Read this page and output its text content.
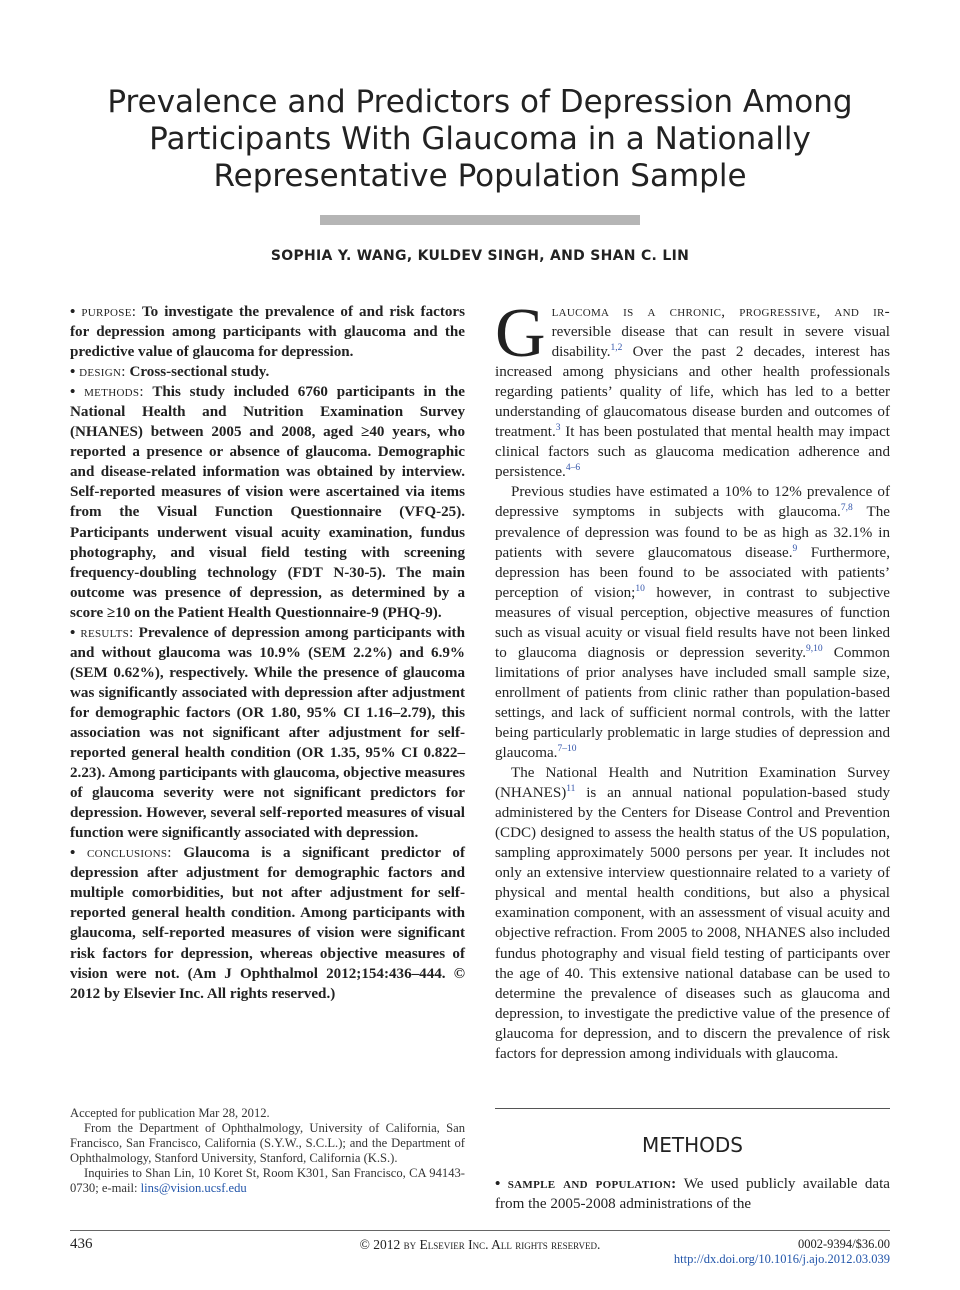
Prevalence and Predictors of Depression Among Participants With Glaucoma in a Nationally Representative Population Sample
SOPHIA Y. WANG, KULDEV SINGH, AND SHAN C. LIN

• purpose: To investigate the prevalence of and risk factors for depression among participants with glaucoma and the predictive value of glaucoma for depression.

• design: Cross-sectional study.

• methods: This study included 6760 participants in the National Health and Nutrition Examination Survey (NHANES) between 2005 and 2008, aged ≥40 years, who reported a presence or absence of glaucoma. Demographic and disease-related information was obtained by interview. Self-reported measures of vision were ascertained via items from the Visual Function Questionnaire (VFQ-25). Participants underwent visual acuity examination, fundus photography, and visual field testing with screening frequency-doubling technology (FDT N-30-5). The main outcome was presence of depression, as determined by a score ≥10 on the Patient Health Questionnaire-9 (PHQ-9).

• results: Prevalence of depression among participants with and without glaucoma was 10.9% (SEM 2.2%) and 6.9% (SEM 0.62%), respectively. While the presence of glaucoma was significantly associated with depression after adjustment for demographic factors (OR 1.80, 95% CI 1.16–2.79), this association was not significant after adjustment for self-reported general health condition (OR 1.35, 95% CI 0.822–2.23). Among participants with glaucoma, objective measures of glaucoma severity were not significant predictors for depression. However, several self-reported measures of visual function were significantly associated with depression.

• conclusions: Glaucoma is a significant predictor of depression after adjustment for demographic factors and multiple comorbidities, but not after adjustment for self-reported general health condition. Among participants with glaucoma, self-reported measures of vision were significant risk factors for depression, whereas objective measures of vision were not. (Am J Ophthalmol 2012;154:436–444. © 2012 by Elsevier Inc. All rights reserved.)

Accepted for publication Mar 28, 2012.

From the Department of Ophthalmology, University of California, San Francisco, San Francisco, California (S.Y.W., S.C.L.); and the Department of Ophthalmology, Stanford University, Stanford, California (K.S.).

Inquiries to Shan Lin, 10 Koret St, Room K301, San Francisco, CA 94143-0730; e-mail: lins@vision.ucsf.edu

Glaucoma is a chronic, progressive, and ir- reversible disease that can result in severe visual disability.$^{1,2}$ Over the past 2 decades, interest has increased among physicians and other health professionals regarding patients’ quality of life, which has led to a better understanding of glaucomatous disease burden and outcomes of treatment.$^3$ It has been postulated that mental health may impact clinical factors such as glaucoma medication adherence and persistence.$^{4-6}$

Previous studies have estimated a 10% to 12% prevalence of depressive symptoms in subjects with glaucoma.$^{7,8}$ The prevalence of depression was found to be as high as 32.1% in patients with severe glaucomatous disease.$^9$ Furthermore, depression has been found to be associated with patients’ perception of vision;$^{10}$ however, in contrast to subjective measures of visual perception, objective measures of function such as visual acuity or visual field results have not been linked to glaucoma diagnosis or depression severity.$^{9,10}$ Common limitations of prior analyses have included small sample size, enrollment of patients from clinic rather than population-based settings, and lack of sufficient normal controls, with the latter being particularly problematic in large studies of depression and glaucoma.$^{7-10}$

The National Health and Nutrition Examination Survey (NHANES)$^{11}$ is an annual national population-based study administered by the Centers for Disease Control and Prevention (CDC) designed to assess the health status of the US population, sampling approximately 5000 persons per year. It includes not only an extensive interview questionnaire related to a variety of physical and mental health conditions, but also a physical examination component, with an assessment of visual acuity and objective refraction. From 2005 to 2008, NHANES also included fundus photography and visual field testing of participants over the age of 40. This extensive national database can be used to determine the prevalence of diseases such as glaucoma and depression, to investigate the predictive value of the presence of glaucoma for depression, and to discern the prevalence of risk factors for depression among individuals with glaucoma.

METHODS

• sample and population: We used publicly available data from the 2005-2008 administrations of the

436	© 2012 by Elsevier Inc. All rights reserved.	0002-9394/$36.00
http://dx.doi.org/10.1016/j.ajo.2012.03.039
